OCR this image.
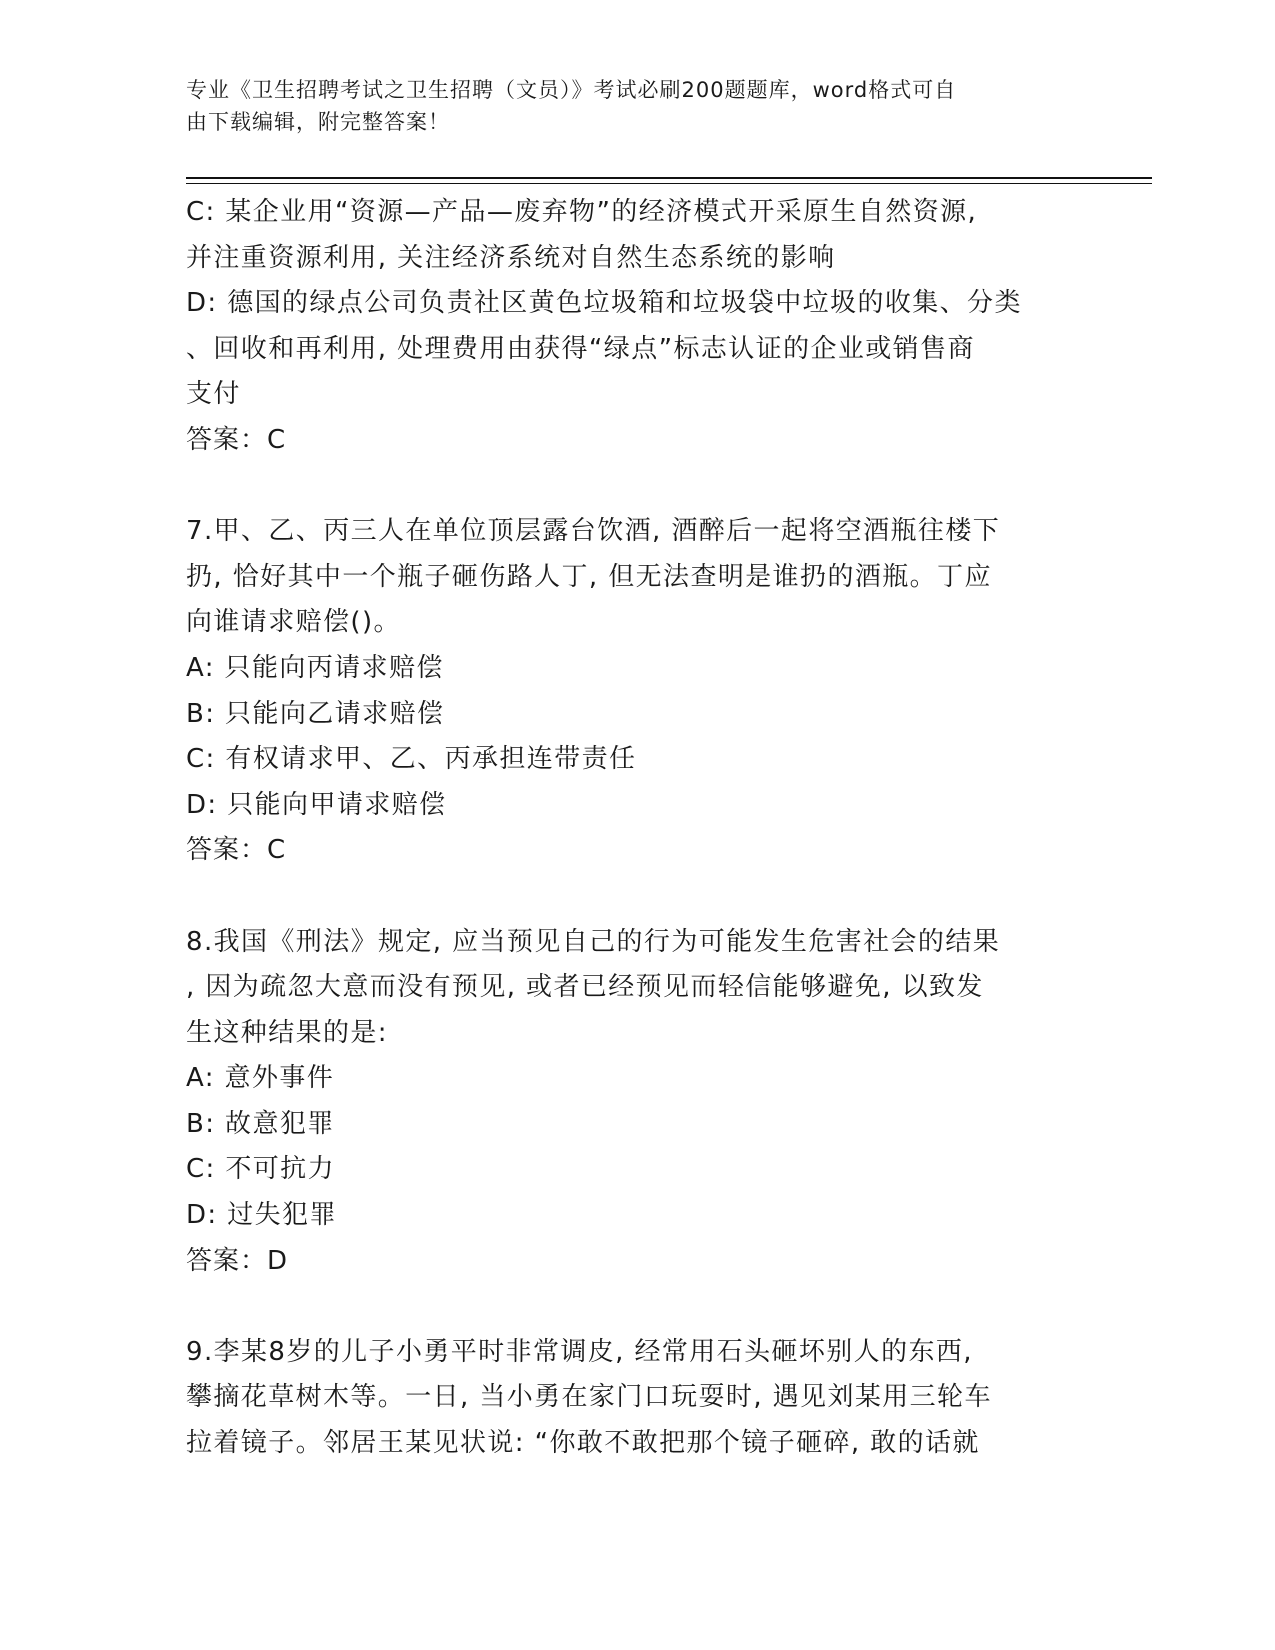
专业《卫生招聘考试之卫生招聘（文员）》考试必刷200题题库，word格式可自
由下载编辑，附完整答案！
C: 某企业用“资源—产品—废弃物”的经济模式开采原生自然资源,
并注重资源利用, 关注经济系统对自然生态系统的影响
D: 德国的绿点公司负责社区黄色垃圾箱和垃圾袋中垃圾的收集、分类
、回收和再利用, 处理费用由获得“绿点”标志认证的企业或销售商
支付
答案：C
7.甲、乙、丙三人在单位顶层露台饮酒, 酒醉后一起将空酒瓶往楼下
扔, 恰好其中一个瓶子砸伤路人丁, 但无法查明是谁扔的酒瓶。丁应
向谁请求赔偿()。
A: 只能向丙请求赔偿
B: 只能向乙请求赔偿
C: 有权请求甲、乙、丙承担连带责任
D: 只能向甲请求赔偿
答案：C
8.我国《刑法》规定, 应当预见自己的行为可能发生危害社会的结果
, 因为疏忽大意而没有预见, 或者已经预见而轻信能够避免, 以致发
生这种结果的是:
A: 意外事件
B: 故意犯罪
C: 不可抗力
D: 过失犯罪
答案：D
9.李某8岁的儿子小勇平时非常调皮, 经常用石头砸坏别人的东西,
攀摘花草树木等。一日, 当小勇在家门口玩耍时, 遇见刘某用三轮车
拉着镜子。邻居王某见状说: “你敢不敢把那个镜子砸碎, 敢的话就
